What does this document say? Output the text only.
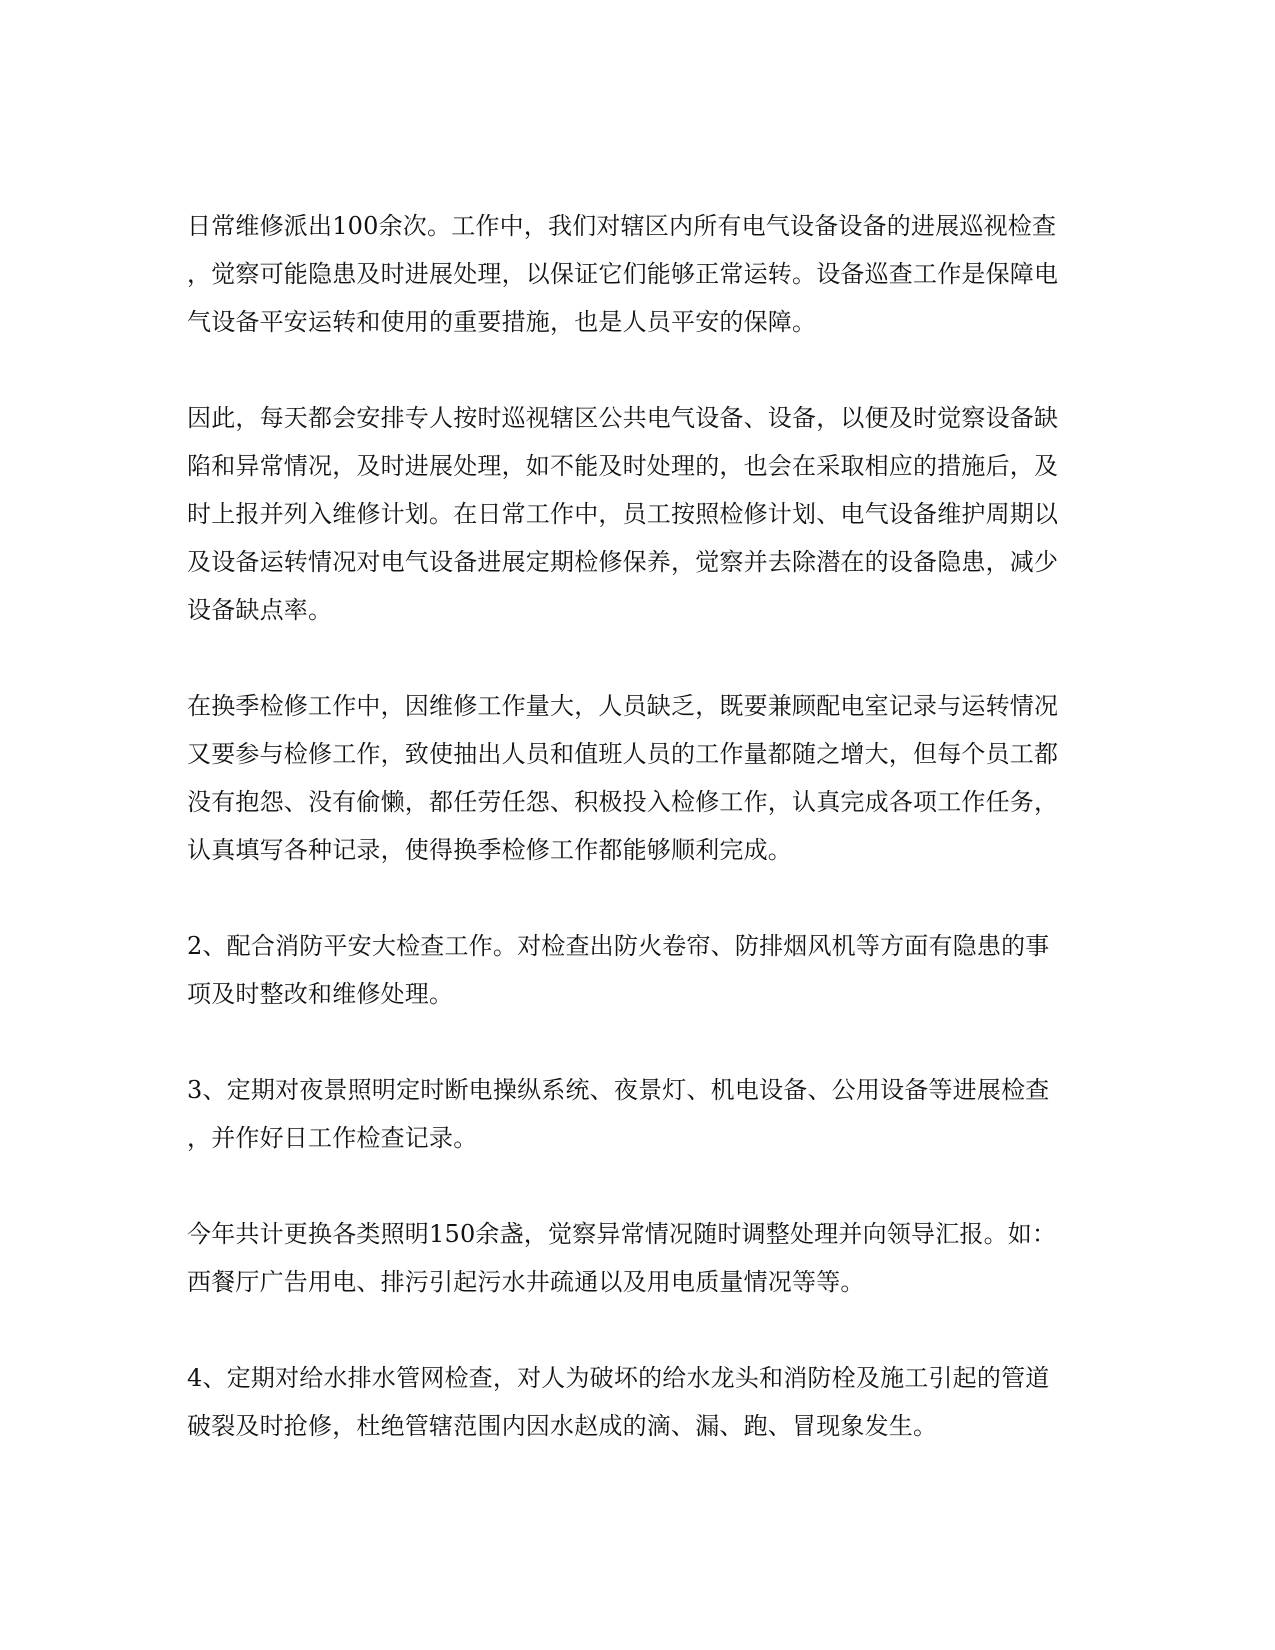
日常维修派出100余次。工作中，我们对辖区内所有电气设备设备的进展巡视检查
，觉察可能隐患及时进展处理，以保证它们能够正常运转。设备巡查工作是保障电
气设备平安运转和使用的重要措施，也是人员平安的保障。

因此，每天都会安排专人按时巡视辖区公共电气设备、设备，以便及时觉察设备缺
陷和异常情况，及时进展处理，如不能及时处理的，也会在采取相应的措施后，及
时上报并列入维修计划。在日常工作中，员工按照检修计划、电气设备维护周期以
及设备运转情况对电气设备进展定期检修保养，觉察并去除潜在的设备隐患，减少
设备缺点率。

在换季检修工作中，因维修工作量大，人员缺乏，既要兼顾配电室记录与运转情况
又要参与检修工作，致使抽出人员和值班人员的工作量都随之增大，但每个员工都
没有抱怨、没有偷懒，都任劳任怨、积极投入检修工作，认真完成各项工作任务，
认真填写各种记录，使得换季检修工作都能够顺利完成。

2、配合消防平安大检查工作。对检查出防火卷帘、防排烟风机等方面有隐患的事
项及时整改和维修处理。

3、定期对夜景照明定时断电操纵系统、夜景灯、机电设备、公用设备等进展检查
，并作好日工作检查记录。

今年共计更换各类照明150余盏，觉察异常情况随时调整处理并向领导汇报。如：
西餐厅广告用电、排污引起污水井疏通以及用电质量情况等等。

4、定期对给水排水管网检查，对人为破坏的给水龙头和消防栓及施工引起的管道
破裂及时抢修，杜绝管辖范围内因水赵成的滴、漏、跑、冒现象发生。
